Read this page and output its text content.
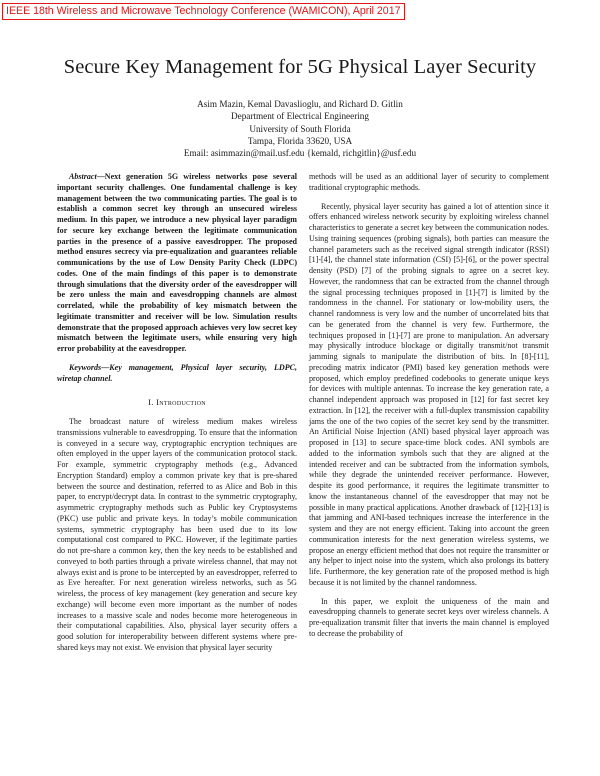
IEEE 18th Wireless and Microwave Technology Conference (WAMICON), April 2017
Secure Key Management for 5G Physical Layer Security
Asim Mazin, Kemal Davaslioglu, and Richard D. Gitlin
Department of Electrical Engineering
University of South Florida
Tampa, Florida 33620, USA
Email: asimmazin@mail.usf.edu {kemald, richgitlin}@usf.edu

Abstract—Next generation 5G wireless networks pose several important security challenges. One fundamental challenge is key management between the two communicating parties. The goal is to establish a common secret key through an unsecured wireless medium. In this paper, we introduce a new physical layer paradigm for secure key exchange between the legitimate communication parties in the presence of a passive eavesdropper. The proposed method ensures secrecy via pre-equalization and guarantees reliable communications by the use of Low Density Parity Check (LDPC) codes. One of the main findings of this paper is to demonstrate through simulations that the diversity order of the eavesdropper will be zero unless the main and eavesdropping channels are almost correlated, while the probability of key mismatch between the legitimate transmitter and receiver will be low. Simulation results demonstrate that the proposed approach achieves very low secret key mismatch between the legitimate users, while ensuring very high error probability at the eavesdropper.

Keywords—Key management, Physical layer security, LDPC, wiretap channel.

I. Introduction

The broadcast nature of wireless medium makes wireless transmissions vulnerable to eavesdropping. To ensure that the information is conveyed in a secure way, cryptographic encryption techniques are often employed in the upper layers of the communication protocol stack. For example, symmetric cryptography methods (e.g., Advanced Encryption Standard) employ a common private key that is pre-shared between the source and destination, referred to as Alice and Bob in this paper, to encrypt/decrypt data. In contrast to the symmetric cryptography, asymmetric cryptography methods such as Public key Cryptosystems (PKC) use public and private keys. In today’s mobile communication systems, symmetric cryptography has been used due to its low computational cost compared to PKC. However, if the legitimate parties do not pre-share a common key, then the key needs to be established and conveyed to both parties through a private wireless channel, that may not always exist and is prone to be intercepted by an eavesdropper, referred to as Eve hereafter. For next generation wireless networks, such as 5G wireless, the process of key management (key generation and secure key exchange) will become even more important as the number of nodes increases to a massive scale and nodes become more heterogeneous in their computational capabilities. Also, physical layer security offers a good solution for interoperability between different systems where pre-shared keys may not exist. We envision that physical layer security

methods will be used as an additional layer of security to complement traditional cryptographic methods.

Recently, physical layer security has gained a lot of attention since it offers enhanced wireless network security by exploiting wireless channel characteristics to generate a secret key between the communication nodes. Using training sequences (probing signals), both parties can measure the channel parameters such as the received signal strength indicator (RSSI) [1]-[4], the channel state information (CSI) [5]-[6], or the power spectral density (PSD) [7] of the probing signals to agree on a secret key. However, the randomness that can be extracted from the channel through the signal processing techniques proposed in [1]-[7] is limited by the randomness in the channel. For stationary or low-mobility users, the channel randomness is very low and the number of uncorrelated bits that can be generated from the channel is very few. Furthermore, the techniques proposed in [1]-[7] are prone to manipulation. An adversary may physically introduce blockage or digitally transmit/not transmit jamming signals to manipulate the distribution of bits. In [8]-[11], precoding matrix indicator (PMI) based key generation methods were proposed, which employ predefined codebooks to generate unique keys for devices with multiple antennas. To increase the key generation rate, a channel independent approach was proposed in [12] for fast secret key extraction. In [12], the receiver with a full-duplex transmission capability jams the one of the two copies of the secret key send by the transmitter. An Artificial Noise Injection (ANI) based physical layer approach was proposed in [13] to secure space-time block codes. ANI symbols are added to the information symbols such that they are aligned at the intended receiver and can be subtracted from the information symbols, while they degrade the unintended receiver performance. However, despite its good performance, it requires the legitimate transmitter to know the instantaneous channel of the eavesdropper that may not be possible in many practical applications. Another drawback of [12]-[13] is that jamming and ANI-based techniques increase the interference in the system and they are not energy efficient. Taking into account the green communication interests for the next generation wireless systems, we propose an energy efficient method that does not require the transmitter or any helper to inject noise into the system, which also prolongs its battery life. Furthermore, the key generation rate of the proposed method is high because it is not limited by the channel randomness.

In this paper, we exploit the uniqueness of the main and eavesdropping channels to generate secret keys over wireless channels. A pre-equalization transmit filter that inverts the main channel is employed to decrease the probability of
